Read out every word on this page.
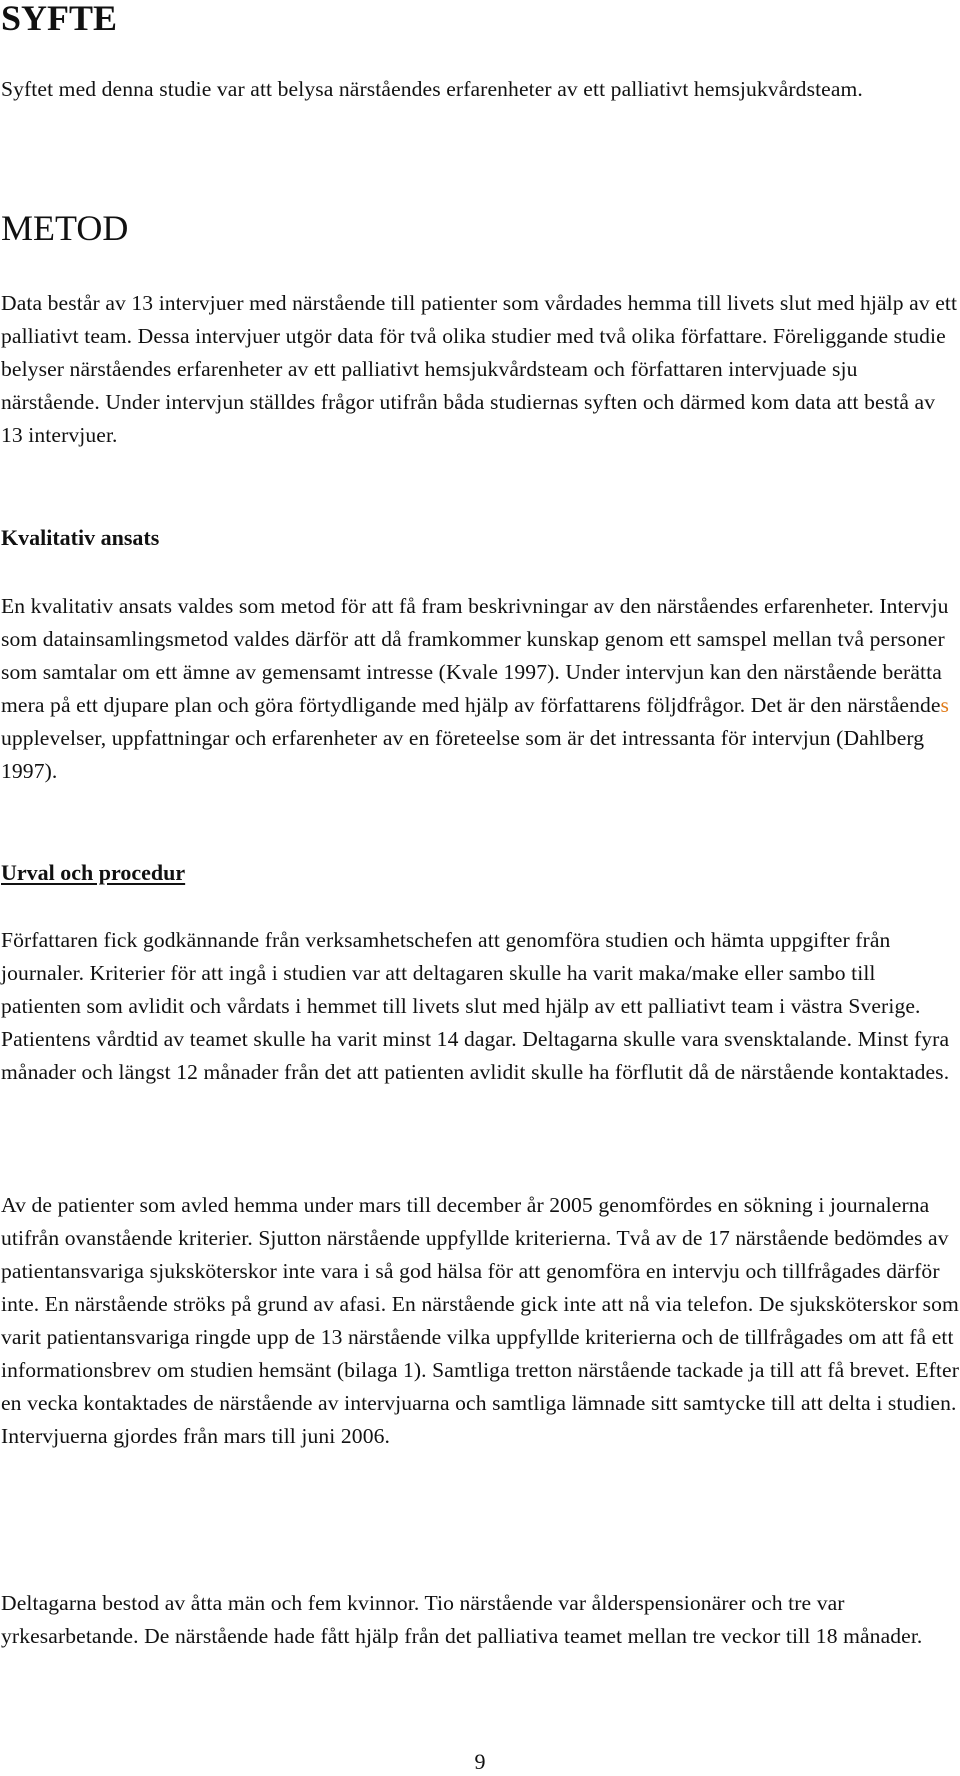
SYFTE

Syftet med denna studie var att belysa närståendes erfarenheter av ett palliativt hemsjukvårdsteam.

METOD

Data består av 13 intervjuer med närstående till patienter som vårdades hemma till livets slut med hjälp av ett palliativt team. Dessa intervjuer utgör data för två olika studier med två olika författare. Föreliggande studie belyser närståendes erfarenheter av ett palliativt hemsjukvårdsteam och författaren intervjuade sju närstående. Under intervjun ställdes frågor utifrån båda studiernas syften och därmed kom data att bestå av 13 intervjuer.

Kvalitativ ansats

En kvalitativ ansats valdes som metod för att få fram beskrivningar av den närståendes erfarenheter. Intervju som datainsamlingsmetod valdes därför att då framkommer kunskap genom ett samspel mellan två personer som samtalar om ett ämne av gemensamt intresse (Kvale 1997). Under intervjun kan den närstående berätta mera på ett djupare plan och göra förtydligande med hjälp av författarens följdfrågor. Det är den närståendes upplevelser, uppfattningar och erfarenheter av en företeelse som är det intressanta för intervjun (Dahlberg 1997).

Urval och procedur

Författaren fick godkännande från verksamhetschefen att genomföra studien och hämta uppgifter från journaler. Kriterier för att ingå i studien var att deltagaren skulle ha varit maka/make eller sambo till patienten som avlidit och vårdats i hemmet till livets slut med hjälp av ett palliativt team i västra Sverige. Patientens vårdtid av teamet skulle ha varit minst 14 dagar. Deltagarna skulle vara svensktalande. Minst fyra månader och längst 12 månader från det att patienten avlidit skulle ha förflutit då de närstående kontaktades.

Av de patienter som avled hemma under mars till december år 2005 genomfördes en sökning i journalerna utifrån ovanstående kriterier. Sjutton närstående uppfyllde kriterierna. Två av de 17 närstående bedömdes av patientansvariga sjuksköterskor inte vara i så god hälsa för att genomföra en intervju och tillfrågades därför inte. En närstående ströks på grund av afasi. En närstående gick inte att nå via telefon. De sjuksköterskor som varit patientansvariga ringde upp de 13 närstående vilka uppfyllde kriterierna och de tillfrågades om att få ett informationsbrev om studien hemsänt (bilaga 1). Samtliga tretton närstående tackade ja till att få brevet. Efter en vecka kontaktades de närstående av intervjuarna och samtliga lämnade sitt samtycke till att delta i studien. Intervjuerna gjordes från mars till juni 2006.

Deltagarna bestod av åtta män och fem kvinnor. Tio närstående var ålderspensionärer och tre var yrkesarbetande. De närstående hade fått hjälp från det palliativa teamet mellan tre veckor till 18 månader.

9
